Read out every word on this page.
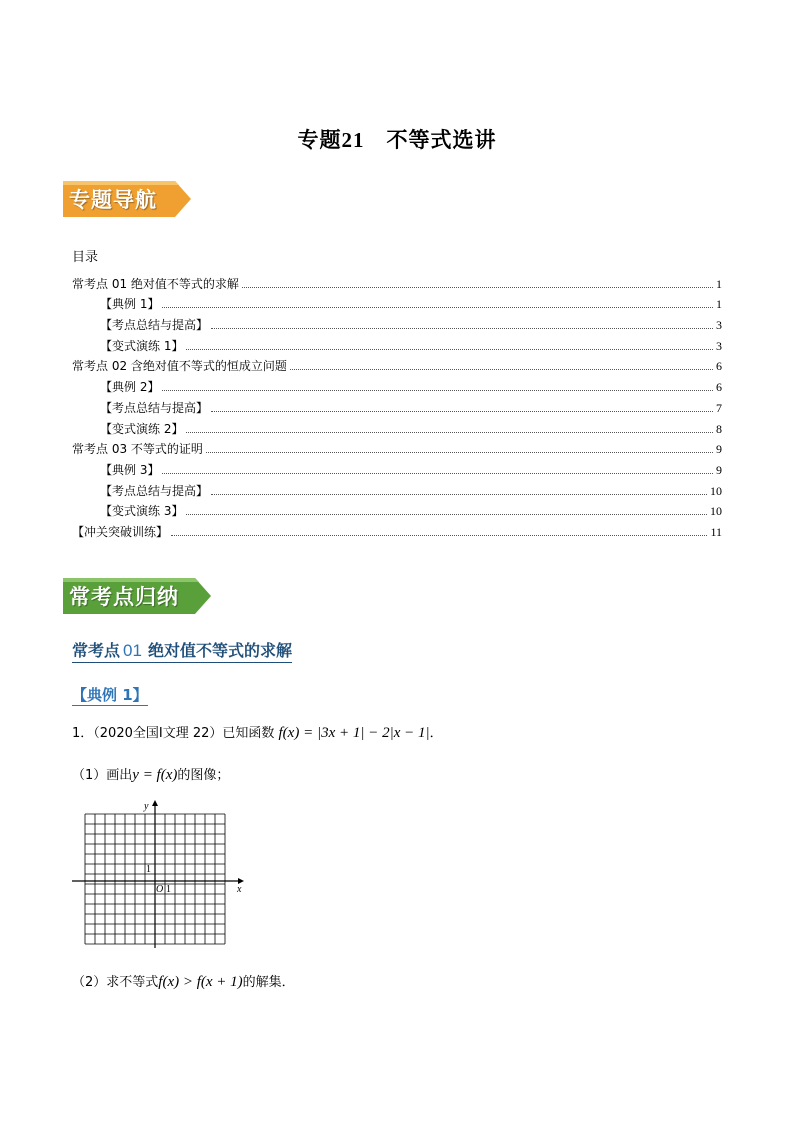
专题21 不等式选讲
专题导航
目录
常考点 01 绝对值不等式的求解	1
【典例 1】	1
【考点总结与提高】	3
【变式演练 1】	3
常考点 02 含绝对值不等式的恒成立问题	6
【典例 2】	6
【考点总结与提高】	7
【变式演练 2】	8
常考点 03 不等式的证明	9
【典例 3】	9
【考点总结与提高】	10
【变式演练 3】	10
【冲关突破训练】	11
常考点归纳
常考点 01 绝对值不等式的求解
【典例 1】
1．（2020全国Ⅰ文理 22）已知函数 f(x) = |3x + 1| − 2|x − 1|．
（1）画出y = f(x)的图像；
x
y
O 1
1
（2）求不等式f(x) > f(x + 1)的解集．
